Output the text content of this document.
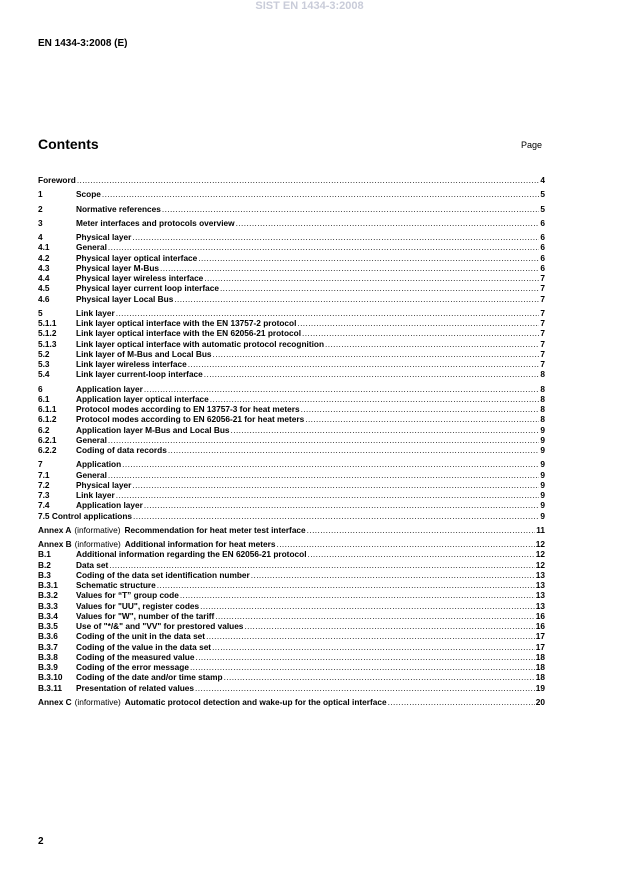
SIST EN 1434-3:2008
EN 1434-3:2008 (E)
Contents	Page
Foreword .....	4
1	Scope .....	5
2	Normative references .....	5
3	Meter interfaces and protocols overview .....	6
4	Physical layer .....	6
4.1	General .....	6
4.2	Physical layer optical interface .....	6
4.3	Physical layer M-Bus .....	6
4.4	Physical layer wireless interface .....	7
4.5	Physical layer current loop interface .....	7
4.6	Physical layer Local Bus .....	7
5	Link layer .....	7
5.1.1	Link layer optical interface with the EN 13757-2 protocol .....	7
5.1.2	Link layer optical interface with the EN 62056-21 protocol .....	7
5.1.3	Link layer optical interface with automatic protocol recognition .....	7
5.2	Link layer of M-Bus and Local Bus .....	7
5.3	Link layer wireless interface .....	7
5.4	Link layer current-loop interface .....	8
6	Application layer .....	8
6.1	Application layer optical interface .....	8
6.1.1	Protocol modes according to EN 13757-3 for heat meters .....	8
6.1.2	Protocol modes according to EN 62056-21 for heat meters .....	8
6.2	Application layer M-Bus and Local Bus .....	9
6.2.1	General .....	9
6.2.2	Coding of data records .....	9
7	Application .....	9
7.1	General .....	9
7.2	Physical layer .....	9
7.3	Link layer .....	9
7.4	Application layer .....	9
7.5 Control applications .....	9
Annex A (informative) Recommendation for heat meter test interface .....	11
Annex B (informative) Additional information for heat meters .....	12
B.1	Additional information regarding the EN 62056-21 protocol .....	12
B.2	Data set .....	12
B.3	Coding of the data set identification number .....	13
B.3.1	Schematic structure .....	13
B.3.2	Values for “T” group code .....	13
B.3.3	Values for "UU", register codes .....	13
B.3.4	Values for "W", number of the tariff .....	16
B.3.5	Use of "*/&" and "VV" for prestored values .....	16
B.3.6	Coding of the unit in the data set .....	17
B.3.7	Coding of the value in the data set .....	17
B.3.8	Coding of the measured value .....	18
B.3.9	Coding of the error message .....	18
B.3.10	Coding of the date and/or time stamp .....	18
B.3.11	Presentation of related values .....	19
Annex C (informative) Automatic protocol detection and wake-up for the optical interface .....	20
2
